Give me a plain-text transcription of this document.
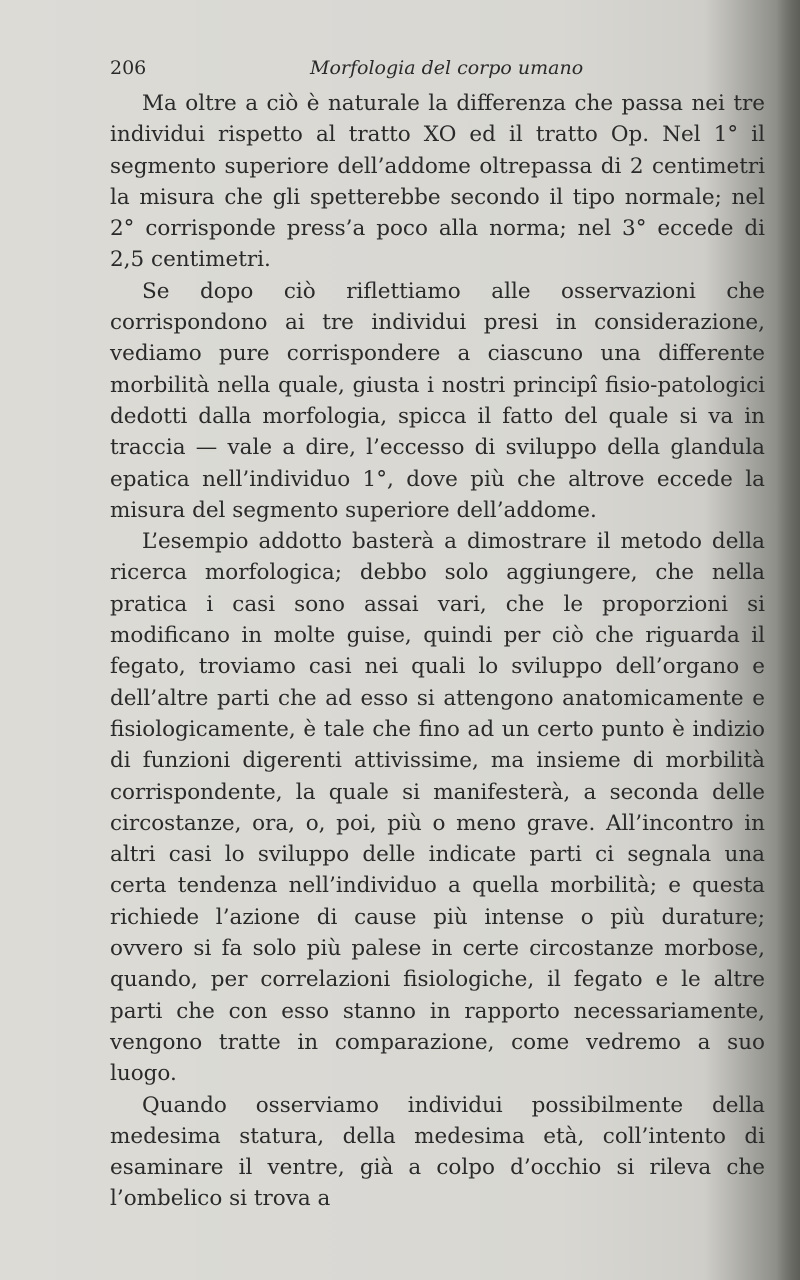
206	Morfologia del corpo umano

Ma oltre a ciò è naturale la differenza che passa nei tre individui rispetto al tratto XO ed il tratto Op. Nel 1° il segmento superiore dell’addome oltrepassa di 2 centimetri la misura che gli spetterebbe secondo il tipo normale; nel 2° corrisponde press’a poco alla norma; nel 3° eccede di 2,5 centimetri.

Se dopo ciò riflettiamo alle osservazioni che corrispondono ai tre individui presi in considerazione, vediamo pure corrispondere a ciascuno una differente morbilità nella quale, giusta i nostri principî fisio-patologici dedotti dalla morfologia, spicca il fatto del quale si va in traccia — vale a dire, l’eccesso di sviluppo della glandula epatica nell’individuo 1°, dove più che altrove eccede la misura del segmento superiore dell’addome.

L’esempio addotto basterà a dimostrare il metodo della ricerca morfologica; debbo solo aggiungere, che nella pratica i casi sono assai vari, che le proporzioni si modificano in molte guise, quindi per ciò che riguarda il fegato, troviamo casi nei quali lo sviluppo dell’organo e dell’altre parti che ad esso si attengono anatomicamente e fisiologicamente, è tale che fino ad un certo punto è indizio di funzioni digerenti attivissime, ma insieme di morbilità corrispondente, la quale si manifesterà, a seconda delle circostanze, ora, o, poi, più o meno grave. All’incontro in altri casi lo sviluppo delle indicate parti ci segnala una certa tendenza nell’individuo a quella morbilità; e questa richiede l’azione di cause più intense o più durature; ovvero si fa solo più palese in certe circostanze morbose, quando, per correlazioni fisiologiche, il fegato e le altre parti che con esso stanno in rapporto necessariamente, vengono tratte in comparazione, come vedremo a suo luogo.

Quando osserviamo individui possibilmente della medesima statura, della medesima età, coll’intento di esaminare il ventre, già a colpo d’occhio si rileva che l’ombelico si trova a
